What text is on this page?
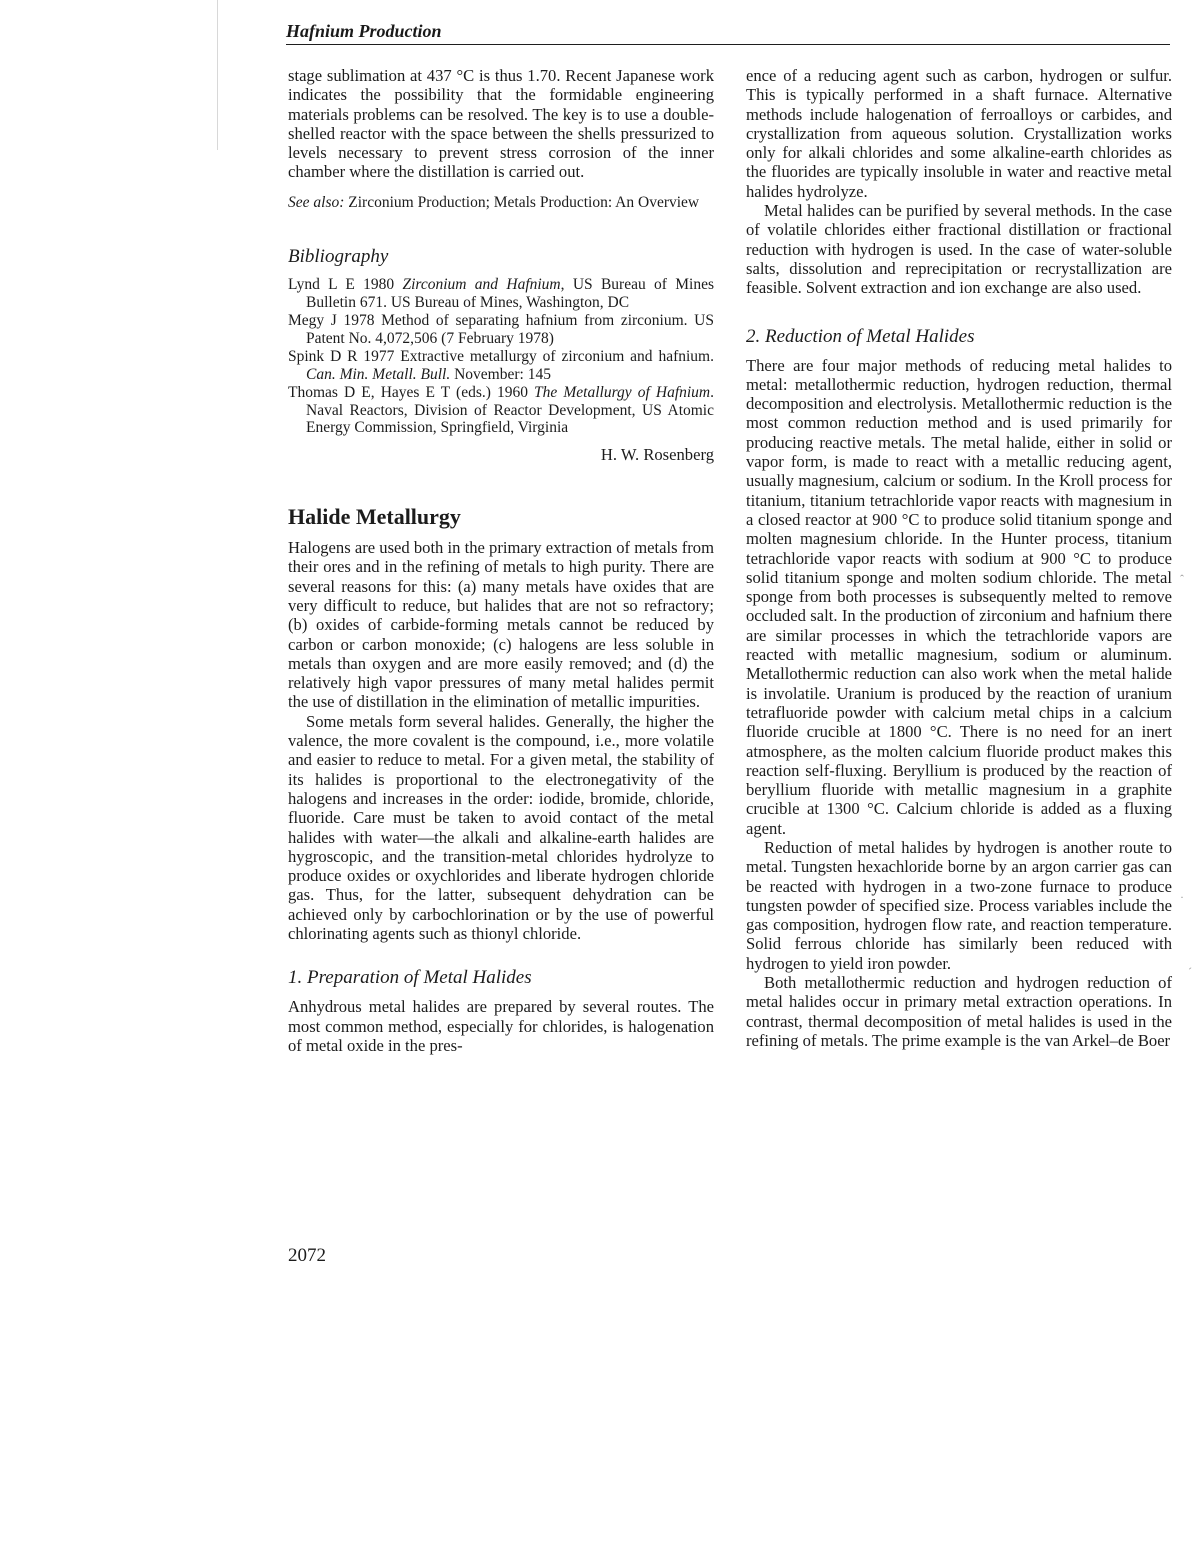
Hafnium Production

stage sublimation at 437 °C is thus 1.70. Recent Japanese work indicates the possibility that the formidable engineering materials problems can be resolved. The key is to use a double-shelled reactor with the space between the shells pressurized to levels necessary to prevent stress corrosion of the inner chamber where the distillation is carried out.

See also: Zirconium Production; Metals Production: An Overview

Bibliography

Lynd L E 1980 Zirconium and Hafnium, US Bureau of Mines Bulletin 671. US Bureau of Mines, Washington, DC

Megy J 1978 Method of separating hafnium from zirconium. US Patent No. 4,072,506 (7 February 1978)

Spink D R 1977 Extractive metallurgy of zirconium and hafnium. Can. Min. Metall. Bull. November: 145

Thomas D E, Hayes E T (eds.) 1960 The Metallurgy of Hafnium. Naval Reactors, Division of Reactor Development, US Atomic Energy Commission, Springfield, Virginia

H. W. Rosenberg

Halide Metallurgy

Halogens are used both in the primary extraction of metals from their ores and in the refining of metals to high purity. There are several reasons for this: (a) many metals have oxides that are very difficult to reduce, but halides that are not so refractory; (b) oxides of carbide-forming metals cannot be reduced by carbon or carbon monoxide; (c) halogens are less soluble in metals than oxygen and are more easily removed; and (d) the relatively high vapor pressures of many metal halides permit the use of distillation in the elimination of metallic impurities.

Some metals form several halides. Generally, the higher the valence, the more covalent is the compound, i.e., more volatile and easier to reduce to metal. For a given metal, the stability of its halides is proportional to the electronegativity of the halogens and increases in the order: iodide, bromide, chloride, fluoride. Care must be taken to avoid contact of the metal halides with water—the alkali and alkaline-earth halides are hygroscopic, and the transition-metal chlorides hydrolyze to produce oxides or oxychlorides and liberate hydrogen chloride gas. Thus, for the latter, subsequent dehydration can be achieved only by carbochlorination or by the use of powerful chlorinating agents such as thionyl chloride.

1. Preparation of Metal Halides

Anhydrous metal halides are prepared by several routes. The most common method, especially for chlorides, is halogenation of metal oxide in the pres-

ence of a reducing agent such as carbon, hydrogen or sulfur. This is typically performed in a shaft furnace. Alternative methods include halogenation of ferroalloys or carbides, and crystallization from aqueous solution. Crystallization works only for alkali chlorides and some alkaline-earth chlorides as the fluorides are typically insoluble in water and reactive metal halides hydrolyze.

Metal halides can be purified by several methods. In the case of volatile chlorides either fractional distillation or fractional reduction with hydrogen is used. In the case of water-soluble salts, dissolution and reprecipitation or recrystallization are feasible. Solvent extraction and ion exchange are also used.

2. Reduction of Metal Halides

There are four major methods of reducing metal halides to metal: metallothermic reduction, hydrogen reduction, thermal decomposition and electrolysis. Metallothermic reduction is the most common reduction method and is used primarily for producing reactive metals. The metal halide, either in solid or vapor form, is made to react with a metallic reducing agent, usually magnesium, calcium or sodium. In the Kroll process for titanium, titanium tetrachloride vapor reacts with magnesium in a closed reactor at 900 °C to produce solid titanium sponge and molten magnesium chloride. In the Hunter process, titanium tetrachloride vapor reacts with sodium at 900 °C to produce solid titanium sponge and molten sodium chloride. The metal sponge from both processes is subsequently melted to remove occluded salt. In the production of zirconium and hafnium there are similar processes in which the tetrachloride vapors are reacted with metallic magnesium, sodium or aluminum. Metallothermic reduction can also work when the metal halide is involatile. Uranium is produced by the reaction of uranium tetrafluoride powder with calcium metal chips in a calcium fluoride crucible at 1800 °C. There is no need for an inert atmosphere, as the molten calcium fluoride product makes this reaction self-fluxing. Beryllium is produced by the reaction of beryllium fluoride with metallic magnesium in a graphite crucible at 1300 °C. Calcium chloride is added as a fluxing agent.

Reduction of metal halides by hydrogen is another route to metal. Tungsten hexachloride borne by an argon carrier gas can be reacted with hydrogen in a two-zone furnace to produce tungsten powder of specified size. Process variables include the gas composition, hydrogen flow rate, and reaction temperature. Solid ferrous chloride has similarly been reduced with hydrogen to yield iron powder.

Both metallothermic reduction and hydrogen reduction of metal halides occur in primary metal extraction operations. In contrast, thermal decomposition of metal halides is used in the refining of metals. The prime example is the van Arkel–de Boer

2072
ˆ
·
ˊ
